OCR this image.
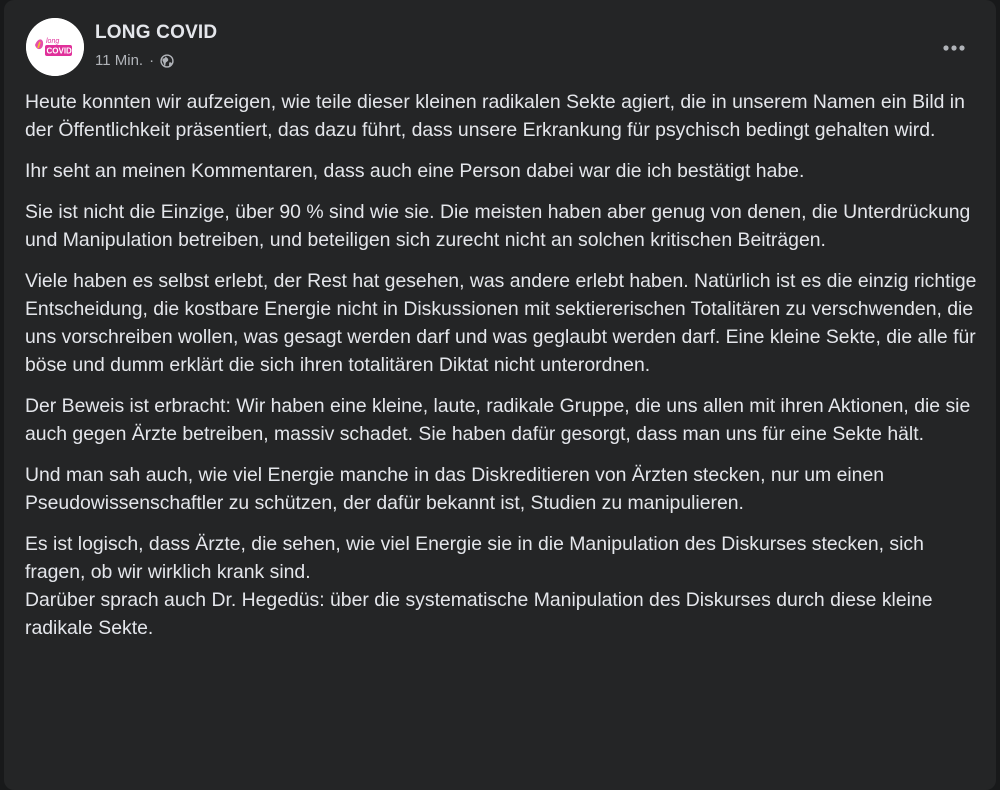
long
COVID
LONG COVID
11 Min. ·

Heute konnten wir aufzeigen, wie teile dieser kleinen radikalen Sekte agiert, die in unserem Namen ein Bild in der Öffentlichkeit präsentiert, das dazu führt, dass unsere Erkrankung für psychisch bedingt gehalten wird.

Ihr seht an meinen Kommentaren, dass auch eine Person dabei war die ich bestätigt habe.

Sie ist nicht die Einzige, über 90 % sind wie sie. Die meisten haben aber genug von denen, die Unterdrückung und Manipulation betreiben, und beteiligen sich zurecht nicht an solchen kritischen Beiträgen.

Viele haben es selbst erlebt, der Rest hat gesehen, was andere erlebt haben. Natürlich ist es die einzig richtige Entscheidung, die kostbare Energie nicht in Diskussionen mit sektiererischen Totalitären zu verschwenden, die uns vorschreiben wollen, was gesagt werden darf und was geglaubt werden darf. Eine kleine Sekte, die alle für böse und dumm erklärt die sich ihren totalitären Diktat nicht unterordnen.

Der Beweis ist erbracht: Wir haben eine kleine, laute, radikale Gruppe, die uns allen mit ihren Aktionen, die sie auch gegen Ärzte betreiben, massiv schadet. Sie haben dafür gesorgt, dass man uns für eine Sekte hält.

Und man sah auch, wie viel Energie manche in das Diskreditieren von Ärzten stecken, nur um einen Pseudowissenschaftler zu schützen, der dafür bekannt ist, Studien zu manipulieren.

Es ist logisch, dass Ärzte, die sehen, wie viel Energie sie in die Manipulation des Diskurses stecken, sich fragen, ob wir wirklich krank sind.

Darüber sprach auch Dr. Hegedüs: über die systematische Manipulation des Diskurses durch diese kleine radikale Sekte.
